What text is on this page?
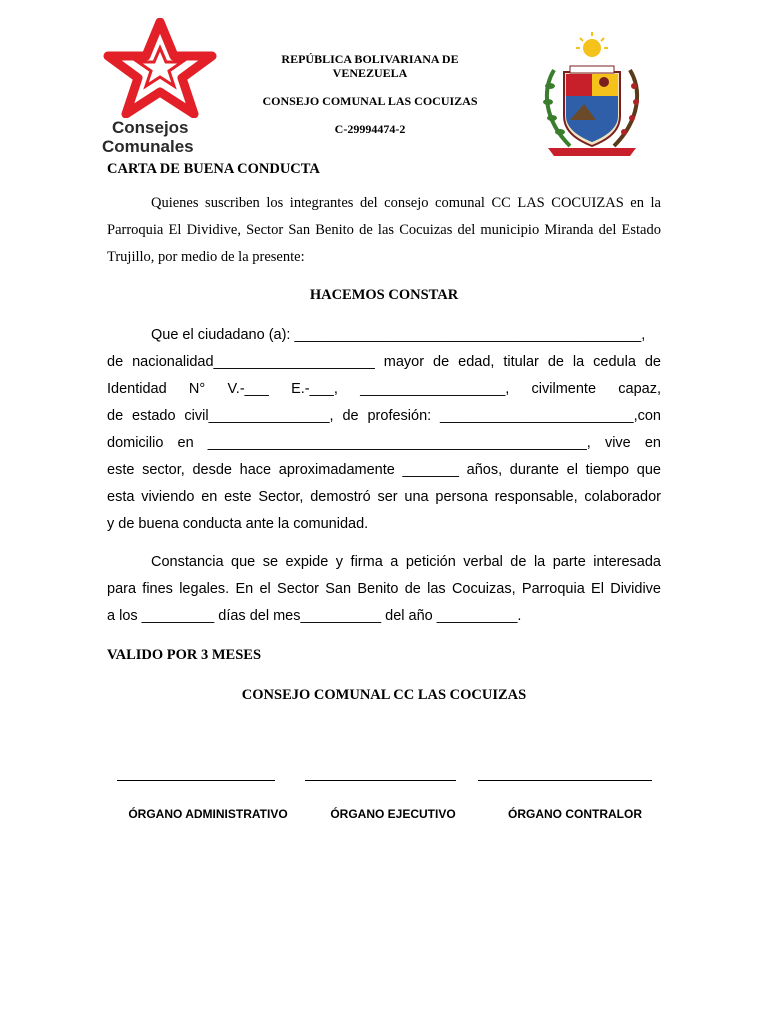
Consejos
Comunales
REPÚBLICA BOLIVARIANA DE
VENEZUELA
CONSEJO COMUNAL LAS COCUIZAS
C-29994474-2
CARTA DE BUENA CONDUCTA
Quienes suscriben los integrantes del consejo comunal CC LAS COCUIZAS en la Parroquia El Dividive, Sector San Benito de las Cocuizas del municipio Miranda del Estado Trujillo, por medio de la presente:
HACEMOS CONSTAR
Que el ciudadano (a): ___________________________________________,
de nacionalidad____________________ mayor de edad, titular de la cedula de
Identidad N° V.-___ E.-___, __________________, civilmente capaz,
de estado civil_______________, de profesión: ________________________,con
domicilio en _______________________________________________, vive en
este sector, desde hace aproximadamente _______ años, durante el tiempo que
esta viviendo en este Sector, demostró ser una persona responsable, colaborador
y de buena conducta ante la comunidad.
Constancia que se expide y firma a petición verbal de la parte interesada
para fines legales. En el Sector San Benito de las Cocuizas, Parroquia El Dividive
a los _________ días del mes__________ del año __________.
VALIDO POR 3 MESES
CONSEJO COMUNAL CC LAS COCUIZAS
ÓRGANO ADMINISTRATIVO	ÓRGANO EJECUTIVO	ÓRGANO CONTRALOR
